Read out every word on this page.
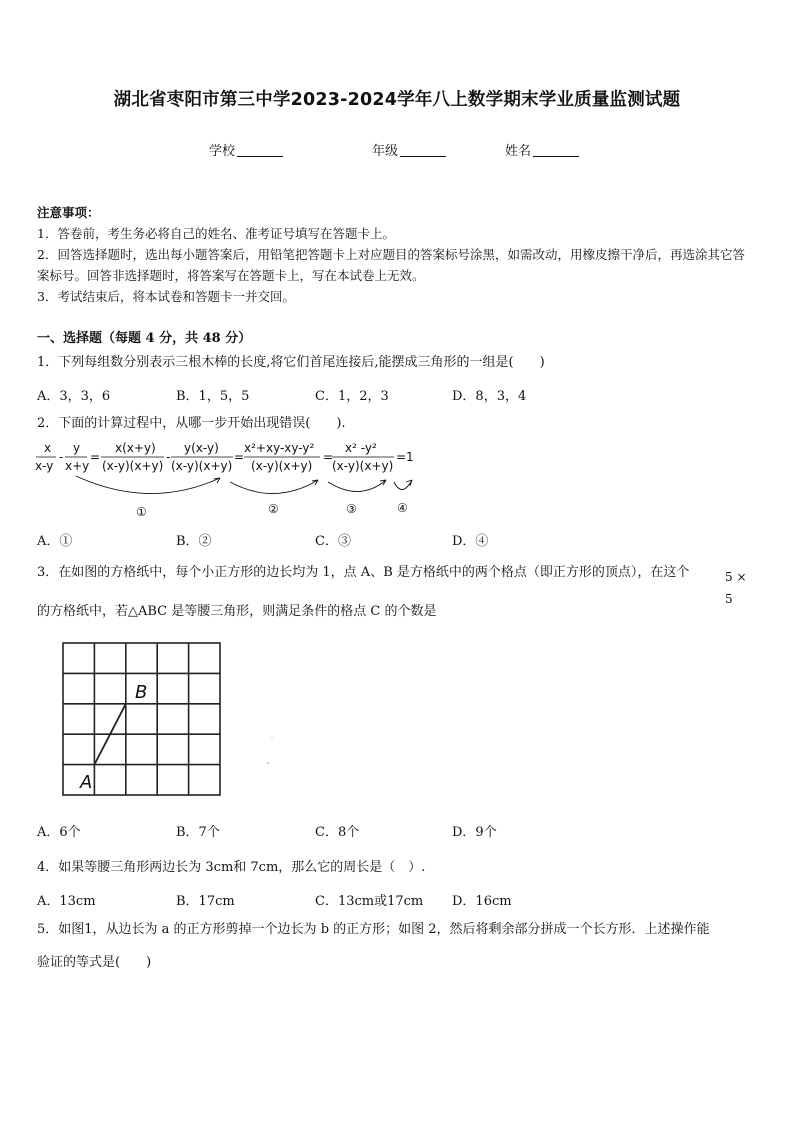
湖北省枣阳市第三中学2023-2024学年八上数学期末学业质量监测试题
学校	年级	姓名
注意事项：
1．答卷前，考生务必将自己的姓名、准考证号填写在答题卡上。
2．回答选择题时，选出每小题答案后，用铅笔把答题卡上对应题目的答案标号涂黑，如需改动，用橡皮擦干净后，再选涂其它答案标号。回答非选择题时，将答案写在答题卡上，写在本试卷上无效。
3．考试结束后，将本试卷和答题卡一并交回。
一、选择题（每题 4 分，共 48 分）
1．下列每组数分别表示三根木棒的长度,将它们首尾连接后,能摆成三角形的一组是(　　)
A．3，3，6	B．1，5，5	C．1，2，3	D．8，3，4
2．下面的计算过程中，从哪一步开始出现错误(　　).
x
x-y
-
y
x+y
=
x(x+y)
(x-y)(x+y)
-
y(x-y)
(x-y)(x+y)
=
x²+xy-xy-y²
(x-y)(x+y)
=
x² -y²
(x-y)(x+y)
=1
①	②	③	④
A．①	B．②	C．③	D．④
3．在如图的方格纸中，每个小正方形的边长均为 1，点 A、B 是方格纸中的两个格点（即正方形的顶点），在这个	5 × 5
的方格纸中，若△ABC 是等腰三角形，则满足条件的格点 C 的个数是
B
A
A．6个	B．7个	C．8个	D．9个
4．如果等腰三角形两边长为 3cm和 7cm，那么它的周长是（　）.
A．13cm	B．17cm	C．13cm或17cm D．16cm
5．如图1，从边长为 a 的正方形剪掉一个边长为 b 的正方形；如图 2，然后将剩余部分拼成一个长方形．上述操作能
验证的等式是(　　)
